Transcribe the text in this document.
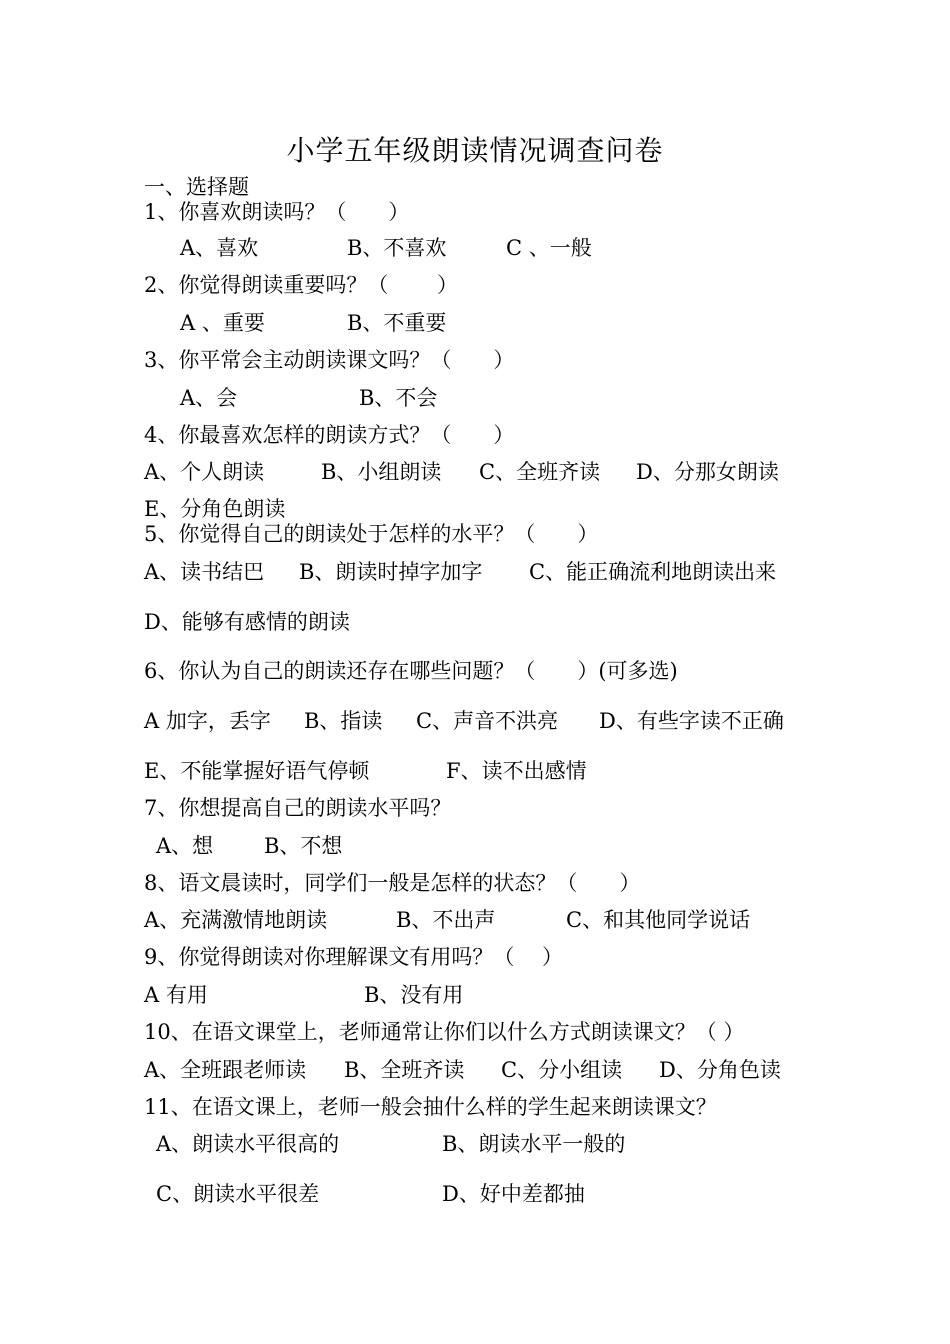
小学五年级朗读情况调查问卷
一、选择题
1、你喜欢朗读吗？（　　）

A、喜欢

	B、不喜欢

	C 、一般

2、你觉得朗读重要吗？（　　 ）

A 、重要

	B、不重要

3、你平常会主动朗读课文吗？（　　）

A、会

	B、不会

4、你最喜欢怎样的朗读方式？（　　）

A、个人朗读

	B、小组朗读

C、全班齐读

D、分那女朗读

E、分角色朗读
5、你觉得自己的朗读处于怎样的水平？（　　）

A、读书结巴

B、朗读时掉字加字

C、能正确流利地朗读出来

D、能够有感情的朗读
6、你认为自己的朗读还存在哪些问题？（　　）(可多选)

A 加字，丢字

B、指读

C、声音不洪亮

D、有些字读不正确

E、不能掌握好语气停顿

	F、读不出感情

7、你想提高自己的朗读水平吗？

A、想

B、不想

8、语文晨读时，同学们一般是怎样的状态？（　　）

A、充满激情地朗读

	B、不出声

	C、和其他同学说话

9、你觉得朗读对你理解课文有用吗？（　 ）

A 有用

	B、没有用

10、在语文课堂上，老师通常让你们以什么方式朗读课文？（ ）

A、全班跟老师读

B、全班齐读

C、分小组读

D、分角色读

11、在语文课上，老师一般会抽什么样的学生起来朗读课文？

A、朗读水平很高的

	B、朗读水平一般的

C、朗读水平很差

	D、好中差都抽
